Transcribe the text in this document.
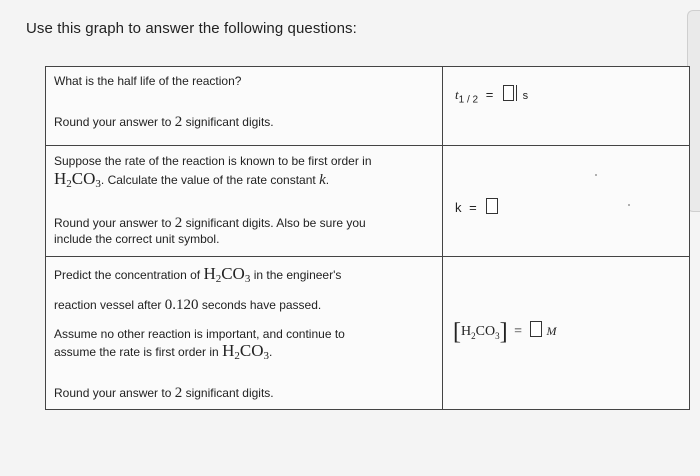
Use this graph to answer the following questions:
What is the half life of the reaction?
Round your answer to 2 significant digits.	$t_{1 / 2} = s$

Suppose the rate of the reaction is known to be first order in
$H_2CO_3$. Calculate the value of the rate constant k.
Round your answer to 2 significant digits. Also be sure you
include the correct unit symbol.	k =

Predict the concentration of $H_2CO_3$ in the engineer's
reaction vessel after 0.120 seconds have passed.
Assume no other reaction is important, and continue to
assume the rate is first order in $H_2CO_3$.
Round your answer to 2 significant digits.	$[H_2CO_3] = M$
